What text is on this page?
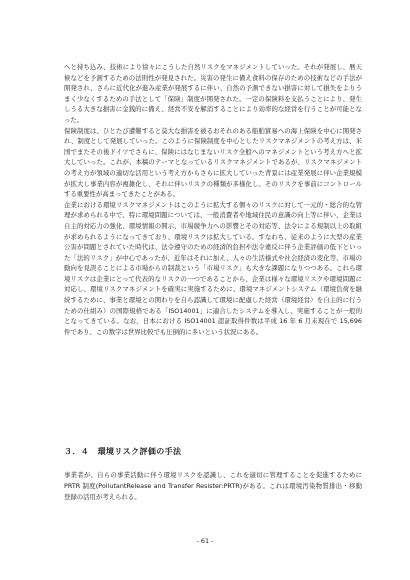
へと持ち込み、技術により徐々にこうした自然リスクをマネジメントしていった。それが発展し、暦天候などを予測するための法則性が発見された。災害の発生に備え食料の保存のための技術などの手法が開発され、さらに近代化が進み産業が発展するに伴い、自然の予測できない損害に対して損失をよりうまく少なくするための手法として「保険」制度が開発された。一定の保険料を支払うことにより、発生しうる大きな損害に金銭的に備え、経営不安を解消することにより効率的な経営を行うことが可能となった。

保険制度は、ひとたび遭難すると莫大な損害を被るおそれのある船舶貿易への海上保険を中心に開発され、制度として発展していった。このように保険制度を中心としたリスクマネジメントの考え方は、米国でまたその後ドイツでさらに、保険にはなじまないリスク全般へのマネジメントという考え方へと拡大していった。これが、本稿のテーマとなっているリスクマネジメントであるが、リスクマネジメントの考え方が領域の適切な活用という考え方からさらに拡大していった背景には産業発展に伴い企業規模が拡大し事業内容が複雑化し、それに伴いリスクの種類が多様化し、そのリスクを事前にコントロールする重要性が高まってきたことがある。

企業における環境リスクマネジメントはこのように拡大する個々のリスクに対して一元的・総合的な管理が求められる中で、特に環境問題については、一般消費者や地域住民の意識の向上等に伴い、企業は自主的対応力の強化、環境情報の開示、市場競争力への影響とその対応等、法令による規制以上の取組が求められるようになってきており、環境リスクは拡大している。すなわち、従来のように大型の産業公害が問題とされていた時代は、法令遵守のための経済的負担や法令違反に伴う企業評価の低下といった「法的リスク」が中心であったが、近年はそれに加え、人々の生活様式や社会経済の変化等、市場の動向を見誤ることによる市場からの制裁という「市場リスク」も大きな課題になりつつある。これら環境リスクは企業にとって代表的なリスクの一つであることから、企業は様々な環境リスクや環境問題に対応し、環境リスクマネジメントを確実に実施するために、環境マネジメントシステム（環境負荷を継続するために、事業と環境との関わりを自ら認識して環境に配慮した経営（環境経営）を自主的に行うための仕組み）の国際規格である「ISO14001」に適合したシステムを導入し、実施することが一般的となってきている。なお、日本における ISO14001 認証取得件数は平成 16 年 6 月末現在で 15,696 件であり、この数字は世界比較でも圧倒的に多いという状況にある。

３．４　環境リスク評価の手法

事業者が、自らの事業活動に伴う環境リスクを認識し、これを適切に管理することを促進するために PRTR 制度(PollutantRelease and Transfer Resister:PRTR)がある。これは環境汚染物質排出・移動登録の活用が考えられる。

- 61 -
